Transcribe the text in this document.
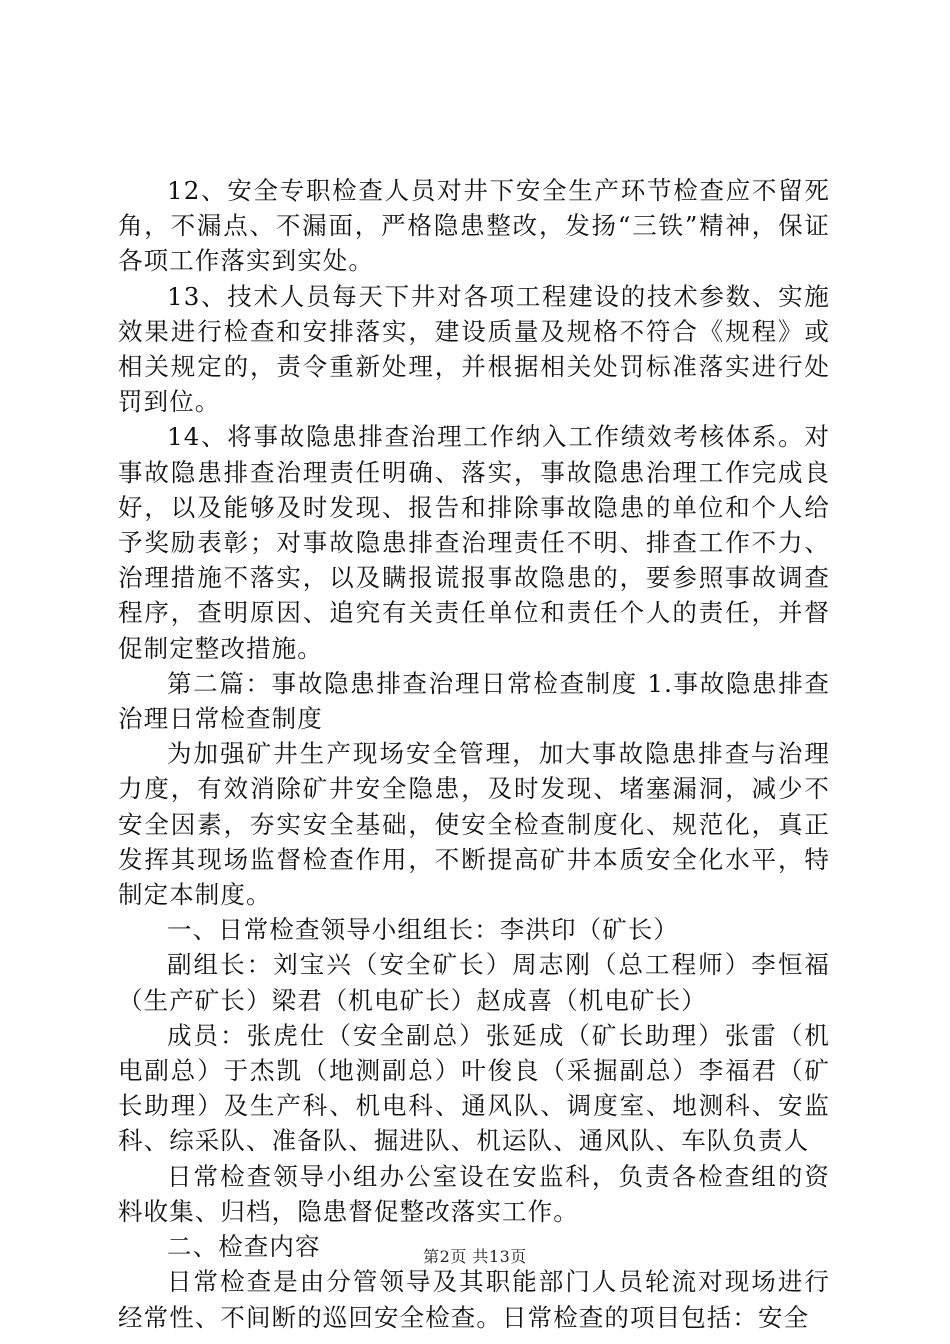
12、安全专职检查人员对井下安全生产环节检查应不留死角，不漏点、不漏面，严格隐患整改，发扬“三铁”精神，保证各项工作落实到实处。

13、技术人员每天下井对各项工程建设的技术参数、实施效果进行检查和安排落实，建设质量及规格不符合《规程》或相关规定的，责令重新处理，并根据相关处罚标准落实进行处罚到位。

14、将事故隐患排查治理工作纳入工作绩效考核体系。对事故隐患排查治理责任明确、落实，事故隐患治理工作完成良好，以及能够及时发现、报告和排除事故隐患的单位和个人给予奖励表彰；对事故隐患排查治理责任不明、排查工作不力、治理措施不落实，以及瞒报谎报事故隐患的，要参照事故调查程序，查明原因、追究有关责任单位和责任个人的责任，并督促制定整改措施。

第二篇：事故隐患排查治理日常检查制度 1.事故隐患排查治理日常检查制度

为加强矿井生产现场安全管理，加大事故隐患排查与治理力度，有效消除矿井安全隐患，及时发现、堵塞漏洞，减少不安全因素，夯实安全基础，使安全检查制度化、规范化，真正发挥其现场监督检查作用，不断提高矿井本质安全化水平，特制定本制度。

一、日常检查领导小组组长：李洪印（矿长）

副组长：刘宝兴（安全矿长）周志刚（总工程师）李恒福（生产矿长）梁君（机电矿长）赵成喜（机电矿长）

成员：张虎仕（安全副总）张延成（矿长助理）张雷（机电副总）于杰凯（地测副总）叶俊良（采掘副总）李福君（矿长助理）及生产科、机电科、通风队、调度室、地测科、安监科、综采队、准备队、掘进队、机运队、通风队、车队负责人

日常检查领导小组办公室设在安监科，负责各检查组的资料收集、归档，隐患督促整改落实工作。

二、检查内容

日常检查是由分管领导及其职能部门人员轮流对现场进行经常性、不间断的巡回安全检查。日常检查的项目包括：安全

第2页 共13页
